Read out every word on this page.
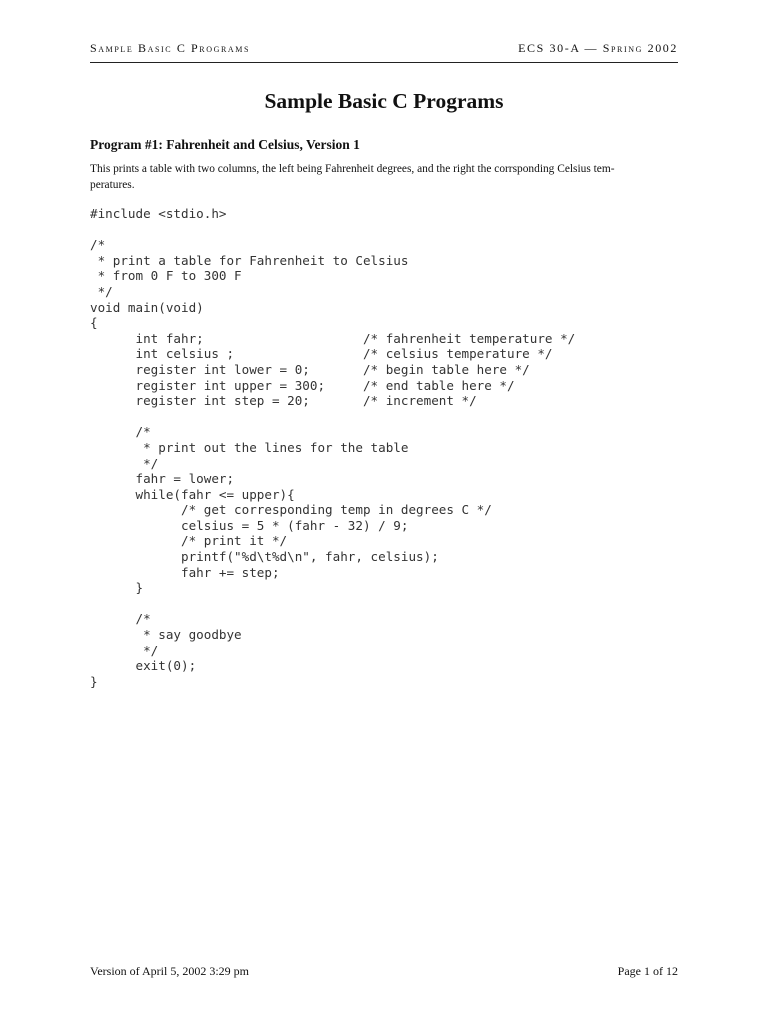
Sample Basic C Programs	ECS 30-A — Spring 2002
Sample Basic C Programs
Program #1: Fahrenheit and Celsius, Version 1

This prints a table with two columns, the left being Fahrenheit degrees, and the right the corrsponding Celsius tem-
peratures.

#include <stdio.h>
/*
* print a table for Fahrenheit to Celsius
* from 0 F to 300 F
*/
void main(void)
{
int fahr;                     /* fahrenheit temperature */
int celsius ;                 /* celsius temperature */
register int lower = 0;       /* begin table here */
register int upper = 300;     /* end table here */
register int step = 20;       /* increment */
/*
* print out the lines for the table
*/
fahr = lower;
while(fahr <= upper){
/* get corresponding temp in degrees C */
celsius = 5 * (fahr - 32) / 9;
/* print it */
printf("%d\t%d\n", fahr, celsius);
fahr += step;
}
/*
* say goodbye
*/
exit(0);
}
Version of April 5, 2002 3:29 pm	Page 1 of 12
